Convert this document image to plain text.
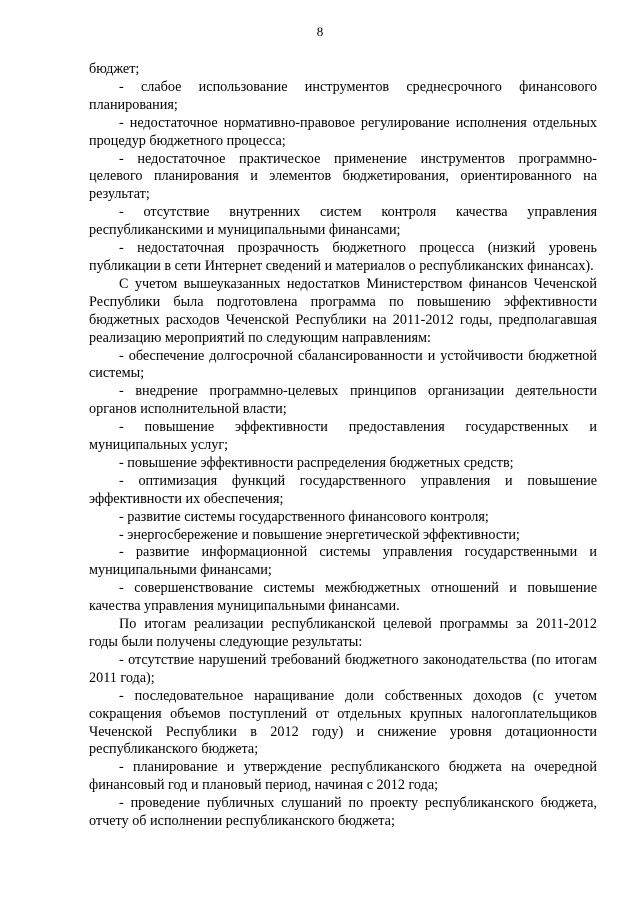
8

бюджет;

- слабое использование инструментов среднесрочного финансового планирования;

- недостаточное нормативно-правовое регулирование исполнения отдельных процедур бюджетного процесса;

- недостаточное практическое применение инструментов программно-целевого планирования и элементов бюджетирования, ориентированного на результат;

- отсутствие внутренних систем контроля качества управления республиканскими и муниципальными финансами;

- недостаточная прозрачность бюджетного процесса (низкий уровень публикации в сети Интернет сведений и материалов о республиканских финансах).

С учетом вышеуказанных недостатков Министерством финансов Чеченской Республики была подготовлена программа по повышению эффективности бюджетных расходов Чеченской Республики на 2011-2012 годы, предполагавшая реализацию мероприятий по следующим направлениям:

- обеспечение долгосрочной сбалансированности и устойчивости бюджетной системы;

- внедрение программно-целевых принципов организации деятельности органов исполнительной власти;

- повышение эффективности предоставления государственных и муниципальных услуг;

- повышение эффективности распределения бюджетных средств;

- оптимизация функций государственного управления и повышение эффективности их обеспечения;

- развитие системы государственного финансового контроля;

- энергосбережение и повышение энергетической эффективности;

- развитие информационной системы управления государственными и муниципальными финансами;

- совершенствование системы межбюджетных отношений и повышение качества управления муниципальными финансами.

По итогам реализации республиканской целевой программы за 2011-2012 годы были получены следующие результаты:

- отсутствие нарушений требований бюджетного законодательства (по итогам 2011 года);

- последовательное наращивание доли собственных доходов (с учетом сокращения объемов поступлений от отдельных крупных налогоплательщиков Чеченской Республики в 2012 году) и снижение уровня дотационности республиканского бюджета;

- планирование и утверждение республиканского бюджета на очередной финансовый год и плановый период, начиная с 2012 года;

- проведение публичных слушаний по проекту республиканского бюджета, отчету об исполнении республиканского бюджета;
